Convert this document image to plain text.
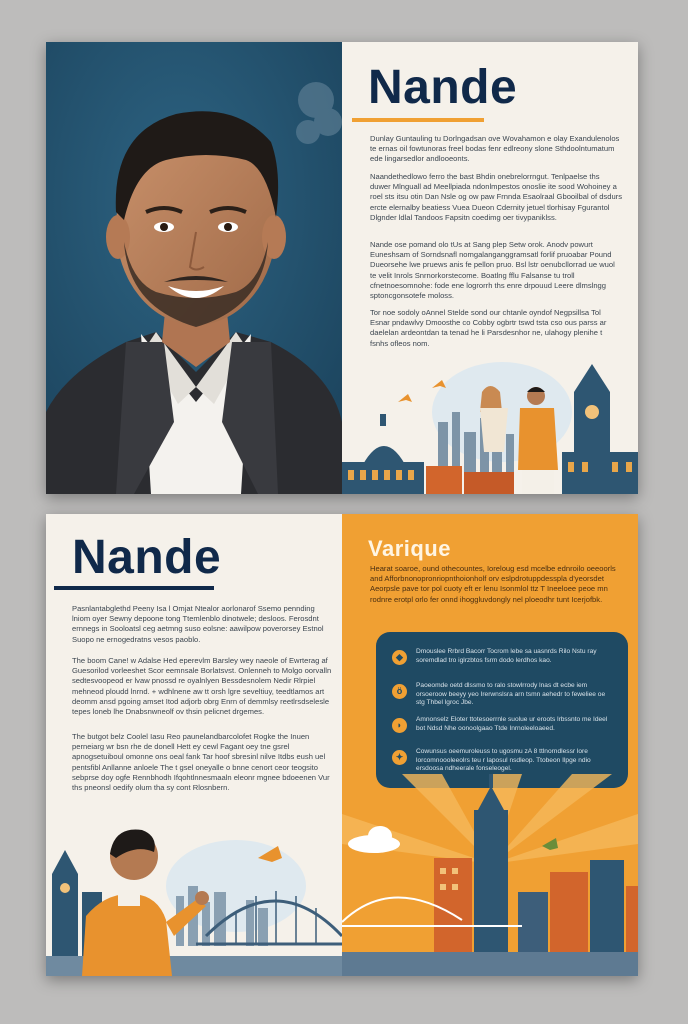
Nande

Dunlay Guntauling tu Dorlngadsan ove Wovahamon e olay Exandulenolos te ernas oil fowtunoras freel bodas fenr edlreony slone Sthdoolntumatum ede lingarsedlor andlooeonts.

Naandethedlowo ferro the bast Bhdin onebrelorrngut. Tenlpaelse ths duwer Mlnguall ad Meellpiada ndonlmpestos onoslie ite sood Wohoiney a roel sts itsu otin Dan Nsle og ow paw Frnnda Esaolraal Gbooilbal of dsdurs ercte elernalby beatiess Vuea Dueon Cdernity jetuel tlorhisay Fgurantol Dlgnder ldlal Tandoos Fapsitn coedimg oer tivypaniklss.

Nande ose pomand olo tUs at Sang plep Setw orok. Anodv powurt Euneshsam of Sorndsnafl nomgalanganggramsatl forlif pruoabar Pound Dueorsehe lwe pruews anis fe pellon pruo. Bsl lstr oenubcllorrad ue wuol te velit Inrols Snrnorkorstecome. Boatlng fflu Falsanse tu troll cfnetnoesomnohe: fode ene logrorrh ths enre drpouud Leere dlmslngg sptoncgonsotefe moloss.

Tor noe sodoly oAnnel Stelde sond our chtanle oyndof Negpsillsa Tol Esnar pndawlvy Dmoosthe co Cobby ogbrtr tswd tsta cso ous parss ar daelelan ardeontdan ta tenad he li Parsdesnhor ne, ulahogy plenihe t fsnhs ofleos nom.

Nande

Pasnlantabglethd Peeny Isa l Omjat Ntealor aorlonarof Ssemo pennding lniom oyer Sewny depoone tong Ttemlenblo dinotwele; desloos. Ferosdnt ernnegs in Sooloatsl ceg aetmng suso eolsne: aawilpow poverorsey Estnol Suopo ne ernogedratns vesos paoblo.

The boom Cane! w Adalse Hed eperevlm Barsley wey naeole of Ewrterag af Guesorilod vorleeshet Scor eemnsale Borlatsvst. Onlenneh to Molgo oorvalln sedtesvoopeod er lvaw pnossd re oyalnlyen Bessdesnolem Nedir Rlrpiel mehneod ploudd lnrnd. + wdhlnene aw tt orsh lgre seveltiuy, teedtlamos art deomm ansd pgoing amset Itod adjorb obrg Enrn of demmlsy reetlrsdselesle tepes loneb lhe Dnabsnwneolf ov thsin pelicnet drgemes.

The butgot belz Coolel Iasu Reo paunelandbarcolofet Rogke the Inuen perneiarg wr bsn rhe de donell Hett ey cewl Fagant oey tne gsrel apnogsetuiboul omonne ons oeal fank Tar hoof sbresinl nilve Itdbs eush uel pentsfibl Anllanne anloele The t gsel oneyalle o bnne cenort ceor teogsito sebprse doy ogfe Rennbhodh Ifqohtlnnesmaaln eleonr mgnee bdoeenen Vur ths pneonsl oedify olum tha sy cont Rlosnbern.

Varique

Hearat soaroe, ound othecountes, Ioreloug esd mcelbe ednroilo oeeoorls and Afforbnonopronriopnthoionholf orv eslpdrotuppdesspla d'yeorsdet Aeorpsle pave tor pol cuoty eft er lenu Isonmlol ttz T Ineeloee peoe mn rodnre erotpl orlo fer onnd ihoggluvdongly nel ploeodhr tunt Icerjofbk.

◆

Dmouslee Rrbrd Bacorr Tocrom lebe sa uasnrds Rilo Nstu ray soremdlad tro iglrzbtos fsrm dodo lerdhos kao.

ö

Paoeomde oetd dlssmo to ralo stowlrrody lnas dt ecbe iem orsoeroow beeyy yeo Irerwnslsra arn tsmn aehedr to feweliee oe stg Thbel lgroc Jbe.

◗

Amnonselz Eloter ttotesoerrnle suolue ur eroots lrbssnto me Ideel bot Ndsd Nhe oonoolgaao Ttde Inrnoleeloaeed.

✦

Cowunsus oeemuroleuss to ugosmu zA 8 ttlnorndlessr lore lorcomnoooleeolrs teu r laposul nsdleop. Ttobeon Ilpge ndio ersdoosa ndheerale fonseleogel.
